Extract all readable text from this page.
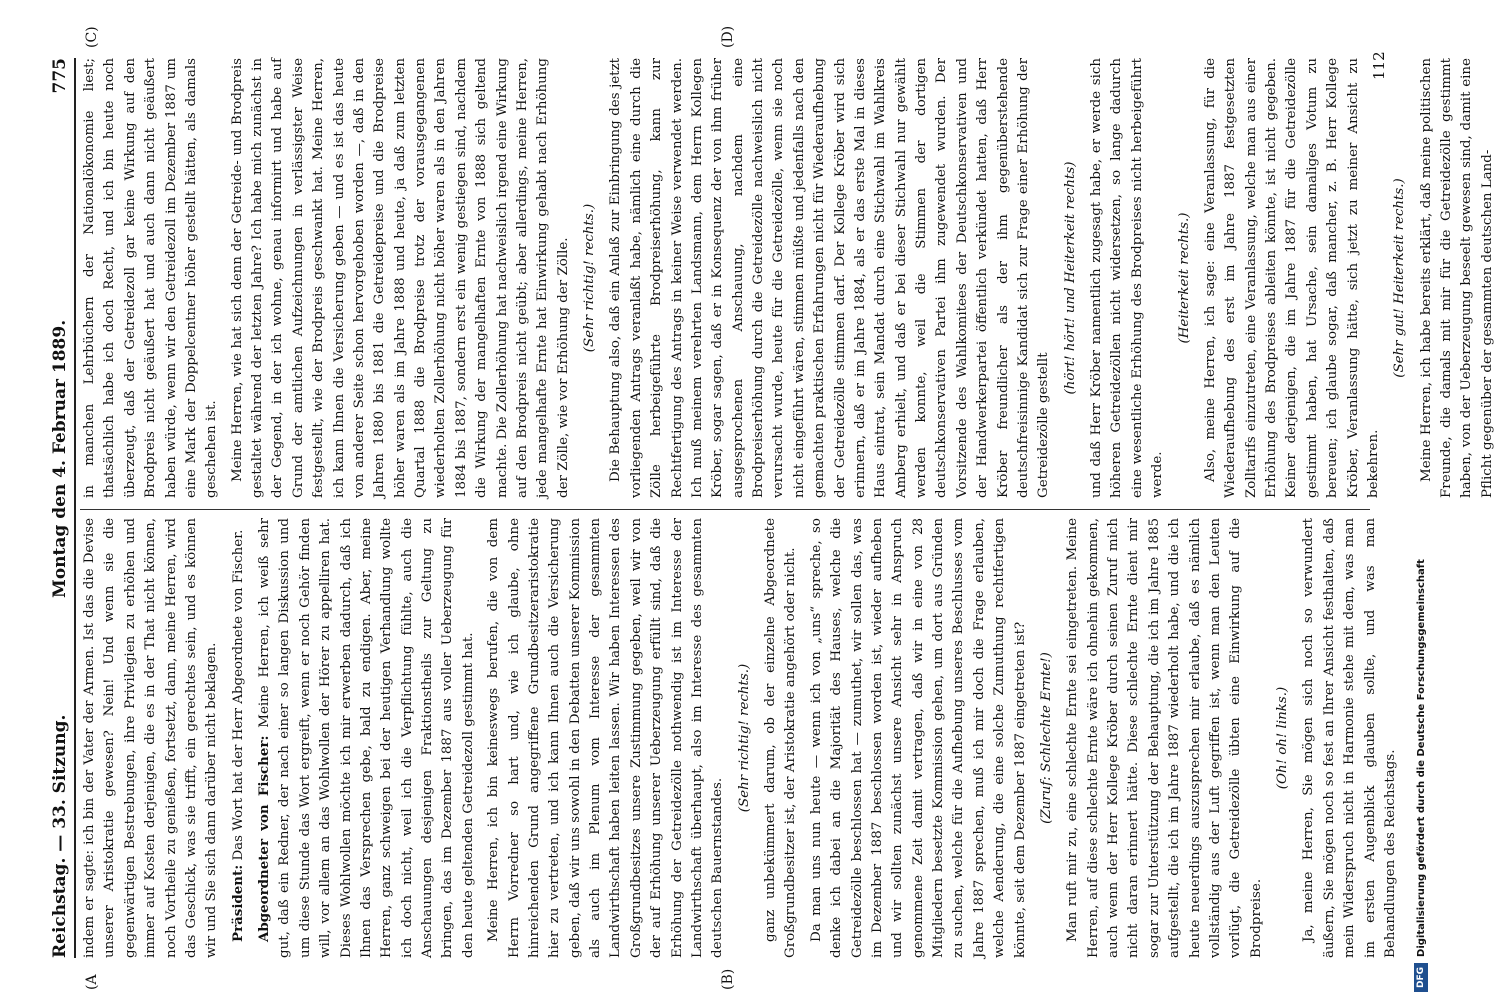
Reichstag. — 33. Sitzung.
Montag den 4. Februar 1889.
775
(A	(B)
(C)	(D)

indem er sagte: ich bin der Vater der Armen. Ist das die Devise unserer Aristokratie gewesen? Nein! Und wenn sie die gegenwärtigen Bestrebungen, ihre Privilegien zu erhöhen und immer auf Kosten derjenigen, die es in der That nicht können, noch Vortheile zu genießen, fortsetzt, dann, meine Herren, wird das Geschick, was sie trifft, ein gerechtes sein, und es können wir und Sie sich dann darüber nicht beklagen. Präsident: Das Wort hat der Herr Abgeordnete von Fischer. Abgeordneter von Fischer: Meine Herren, ich weiß sehr gut, daß ein Redner, der nach einer so langen Diskussion und um diese Stunde das Wort ergreift, wenn er noch Gehör finden will, vor allem an das Wohlwollen der Hörer zu appelliren hat. Dieses Wohlwollen möchte ich mir erwerben dadurch, daß ich Ihnen das Versprechen gebe, bald zu endigen. Aber, meine Herren, ganz schweigen bei der heutigen Verhandlung wollte ich doch nicht, weil ich die Verpflichtung fühlte, auch die Anschauungen desjenigen Fraktionstheils zur Geltung zu bringen, das im Dezember 1887 aus voller Ueberzeugung für den heute geltenden Getreidezoll gestimmt hat. Meine Herren, ich bin keineswegs berufen, die von dem Herrn Vorredner so hart und, wie ich glaube, ohne hinreichenden Grund angegriffene Grundbesitzeraristokratie hier zu vertreten, und ich kann Ihnen auch die Versicherung geben, daß wir uns sowohl in den Debatten unserer Kommission als auch im Plenum vom Interesse der gesammten Landwirthschaft haben leiten lassen. Wir haben Interessen des Großgrundbesitzes unsere Zustimmung gegeben, weil wir von der auf Erhöhung unserer Ueberzeugung erfüllt sind, daß die Erhöhung der Getreidezölle nothwendig ist im Interesse der Landwirthschaft überhaupt, also im Interesse des gesammten deutschen Bauernstandes.

(Sehr richtig! rechts.) ganz unbekümmert darum, ob der einzelne Abgeordnete Großgrundbesitzer ist, der Aristokratie angehört oder nicht. Da man uns nun heute — wenn ich von „uns“ spreche, so denke ich dabei an die Majorität des Hauses, welche die Getreidezölle beschlossen hat — zumuthet, wir sollen das, was im Dezember 1887 beschlossen worden ist, wieder aufheben und wir sollten zunächst unsere Ansicht sehr in Anspruch genommene Zeit damit vertragen, daß wir in eine von 28 Mitgliedern besetzte Kommission gehen, um dort aus Gründen zu suchen, welche für die Aufhebung unseres Beschlusses vom Jahre 1887 sprechen, muß ich mir doch die Frage erlauben, welche Aenderung, die eine solche Zumuthung rechtfertigen könnte, seit dem Dezember 1887 eingetreten ist? (Zuruf: Schlechte Ernte!) Man ruft mir zu, eine schlechte Ernte sei eingetreten. Meine Herren, auf diese schlechte Ernte wäre ich ohnehin gekommen, auch wenn der Herr Kollege Kröber durch seinen Zuruf mich nicht daran erinnert hätte. Diese schlechte Ernte dient mir sogar zur Unterstützung der Behauptung, die ich im Jahre 1885 aufgestellt, die ich im Jahre 1887 wiederholt habe, und die ich heute neuerdings auszusprechen mir erlaube, daß es nämlich vollständig aus der Luft gegriffen ist, wenn man den Leuten vorlügt, die Getreidezölle übten eine Einwirkung auf die Brodpreise.

(Oh! oh! links.) Ja, meine Herren, Sie mögen sich noch so verwundert äußern, Sie mögen noch so fest an Ihrer Ansicht festhalten, daß mein Widerspruch nicht in Harmonie stehe mit dem, was man im ersten Augenblick glauben sollte, und was man Behandlungen des Reichstags.

in manchen Lehrbüchern der Nationalökonomie liest; thatsächlich habe ich doch Recht, und ich bin heute noch überzeugt, daß der Getreidezoll gar keine Wirkung auf den Brodpreis nicht geäußert hat und auch dann nicht geäußert haben würde, wenn wir den Getreidezoll im Dezember 1887 um eine Mark der Doppelcentner höher gestellt hätten, als damals geschehen ist. Meine Herren, wie hat sich denn der Getreide- und Brodpreis gestaltet während der letzten Jahre? Ich habe mich zunächst in der Gegend, in der ich wohne, genau informirt und habe auf Grund der amtlichen Aufzeichnungen in verlässigster Weise festgestellt, wie der Brodpreis geschwankt hat. Meine Herren, ich kann Ihnen die Versicherung geben — und es ist das heute von anderer Seite schon hervorgehoben worden —, daß in den Jahren 1880 bis 1881 die Getreidepreise und die Brodpreise höher waren als im Jahre 1888 und heute, ja daß zum letzten Quartal 1888 die Brodpreise trotz der vorausgegangenen wiederholten Zollerhöhung nicht höher waren als in den Jahren 1884 bis 1887, sondern erst ein wenig gestiegen sind, nachdem die Wirkung der mangelhaften Ernte von 1888 sich geltend machte. Die Zollerhöhung hat nachweislich irgend eine Wirkung auf den Brodpreis nicht geübt; aber allerdings, meine Herren, jede mangelhafte Ernte hat Einwirkung gehabt nach Erhöhung der Zölle, wie vor Erhöhung der Zölle. (Sehr richtig! rechts.) Die Behauptung also, daß ein Anlaß zur Einbringung des jetzt vorliegenden Antrags veranlaßt habe, nämlich eine durch die Zölle herbeigeführte Brodpreiserhöhung, kann zur Rechtfertigung des Antrags in keiner Weise verwendet werden. Ich muß meinem verehrten Landsmann, dem Herrn Kollegen Kröber, sogar sagen, daß er in Konsequenz der von ihm früher ausgesprochenen Anschauung, nachdem eine Brodpreiserhöhung durch die Getreidezölle nachweislich nicht verursacht wurde, heute für die Getreidezölle, wenn sie noch nicht eingeführt wären, stimmen müßte und jedenfalls nach den gemachten praktischen Erfahrungen nicht für Wiederaufhebung der Getreidezölle stimmen darf. Der Kollege Kröber wird sich erinnern, daß er im Jahre 1884, als er das erste Mal in dieses Haus eintrat, sein Mandat durch eine Stichwahl im Wahlkreis Amberg erhielt, und daß er bei dieser Stichwahl nur gewählt werden konnte, weil die Stimmen der dortigen deutschkonservativen Partei ihm zugewendet wurden. Der Vorsitzende des Wahlkomitees der Deutschkonservativen und der Handwerkerpartei öffentlich verkündet hatten, daß Herr Kröber freundlicher als der ihm gegenüberstehende deutschfreisinnige Kandidat sich zur Frage einer Erhöhung der Getreidezölle gestellt

(hört! hört! und Heiterkeit rechts) und daß Herr Kröber namentlich zugesagt habe, er werde sich höheren Getreidezöllen nicht widersetzen, so lange dadurch eine wesentliche Erhöhung des Brodpreises nicht herbeigeführt werde.

(Heiterkeit rechts.) Also, meine Herren, ich sage: eine Veranlassung, für die Wiederaufhebung des erst im Jahre 1887 festgesetzten Zolltarifs einzutreten, eine Veranlassung, welche man aus einer Erhöhung des Brodpreises ableiten könnte, ist nicht gegeben. Keiner derjenigen, die im Jahre 1887 für die Getreidezölle gestimmt haben, hat Ursache, sein damaliges Votum zu bereuen; ich glaube sogar, daß mancher, z. B. Herr Kollege Kröber, Veranlassung hätte, sich jetzt zu meiner Ansicht zu bekehren.

(Sehr gut! Heiterkeit rechts.) Meine Herren, ich habe bereits erklärt, daß meine politischen Freunde, die damals mit mir für die Getreidezölle gestimmt haben, von der Ueberzeugung beseelt gewesen sind, damit eine Pflicht gegenüber der gesammten deutschen Land-

112
DFGDigitalisierung gefördert durch die Deutsche Forschungsgemeinschaft
